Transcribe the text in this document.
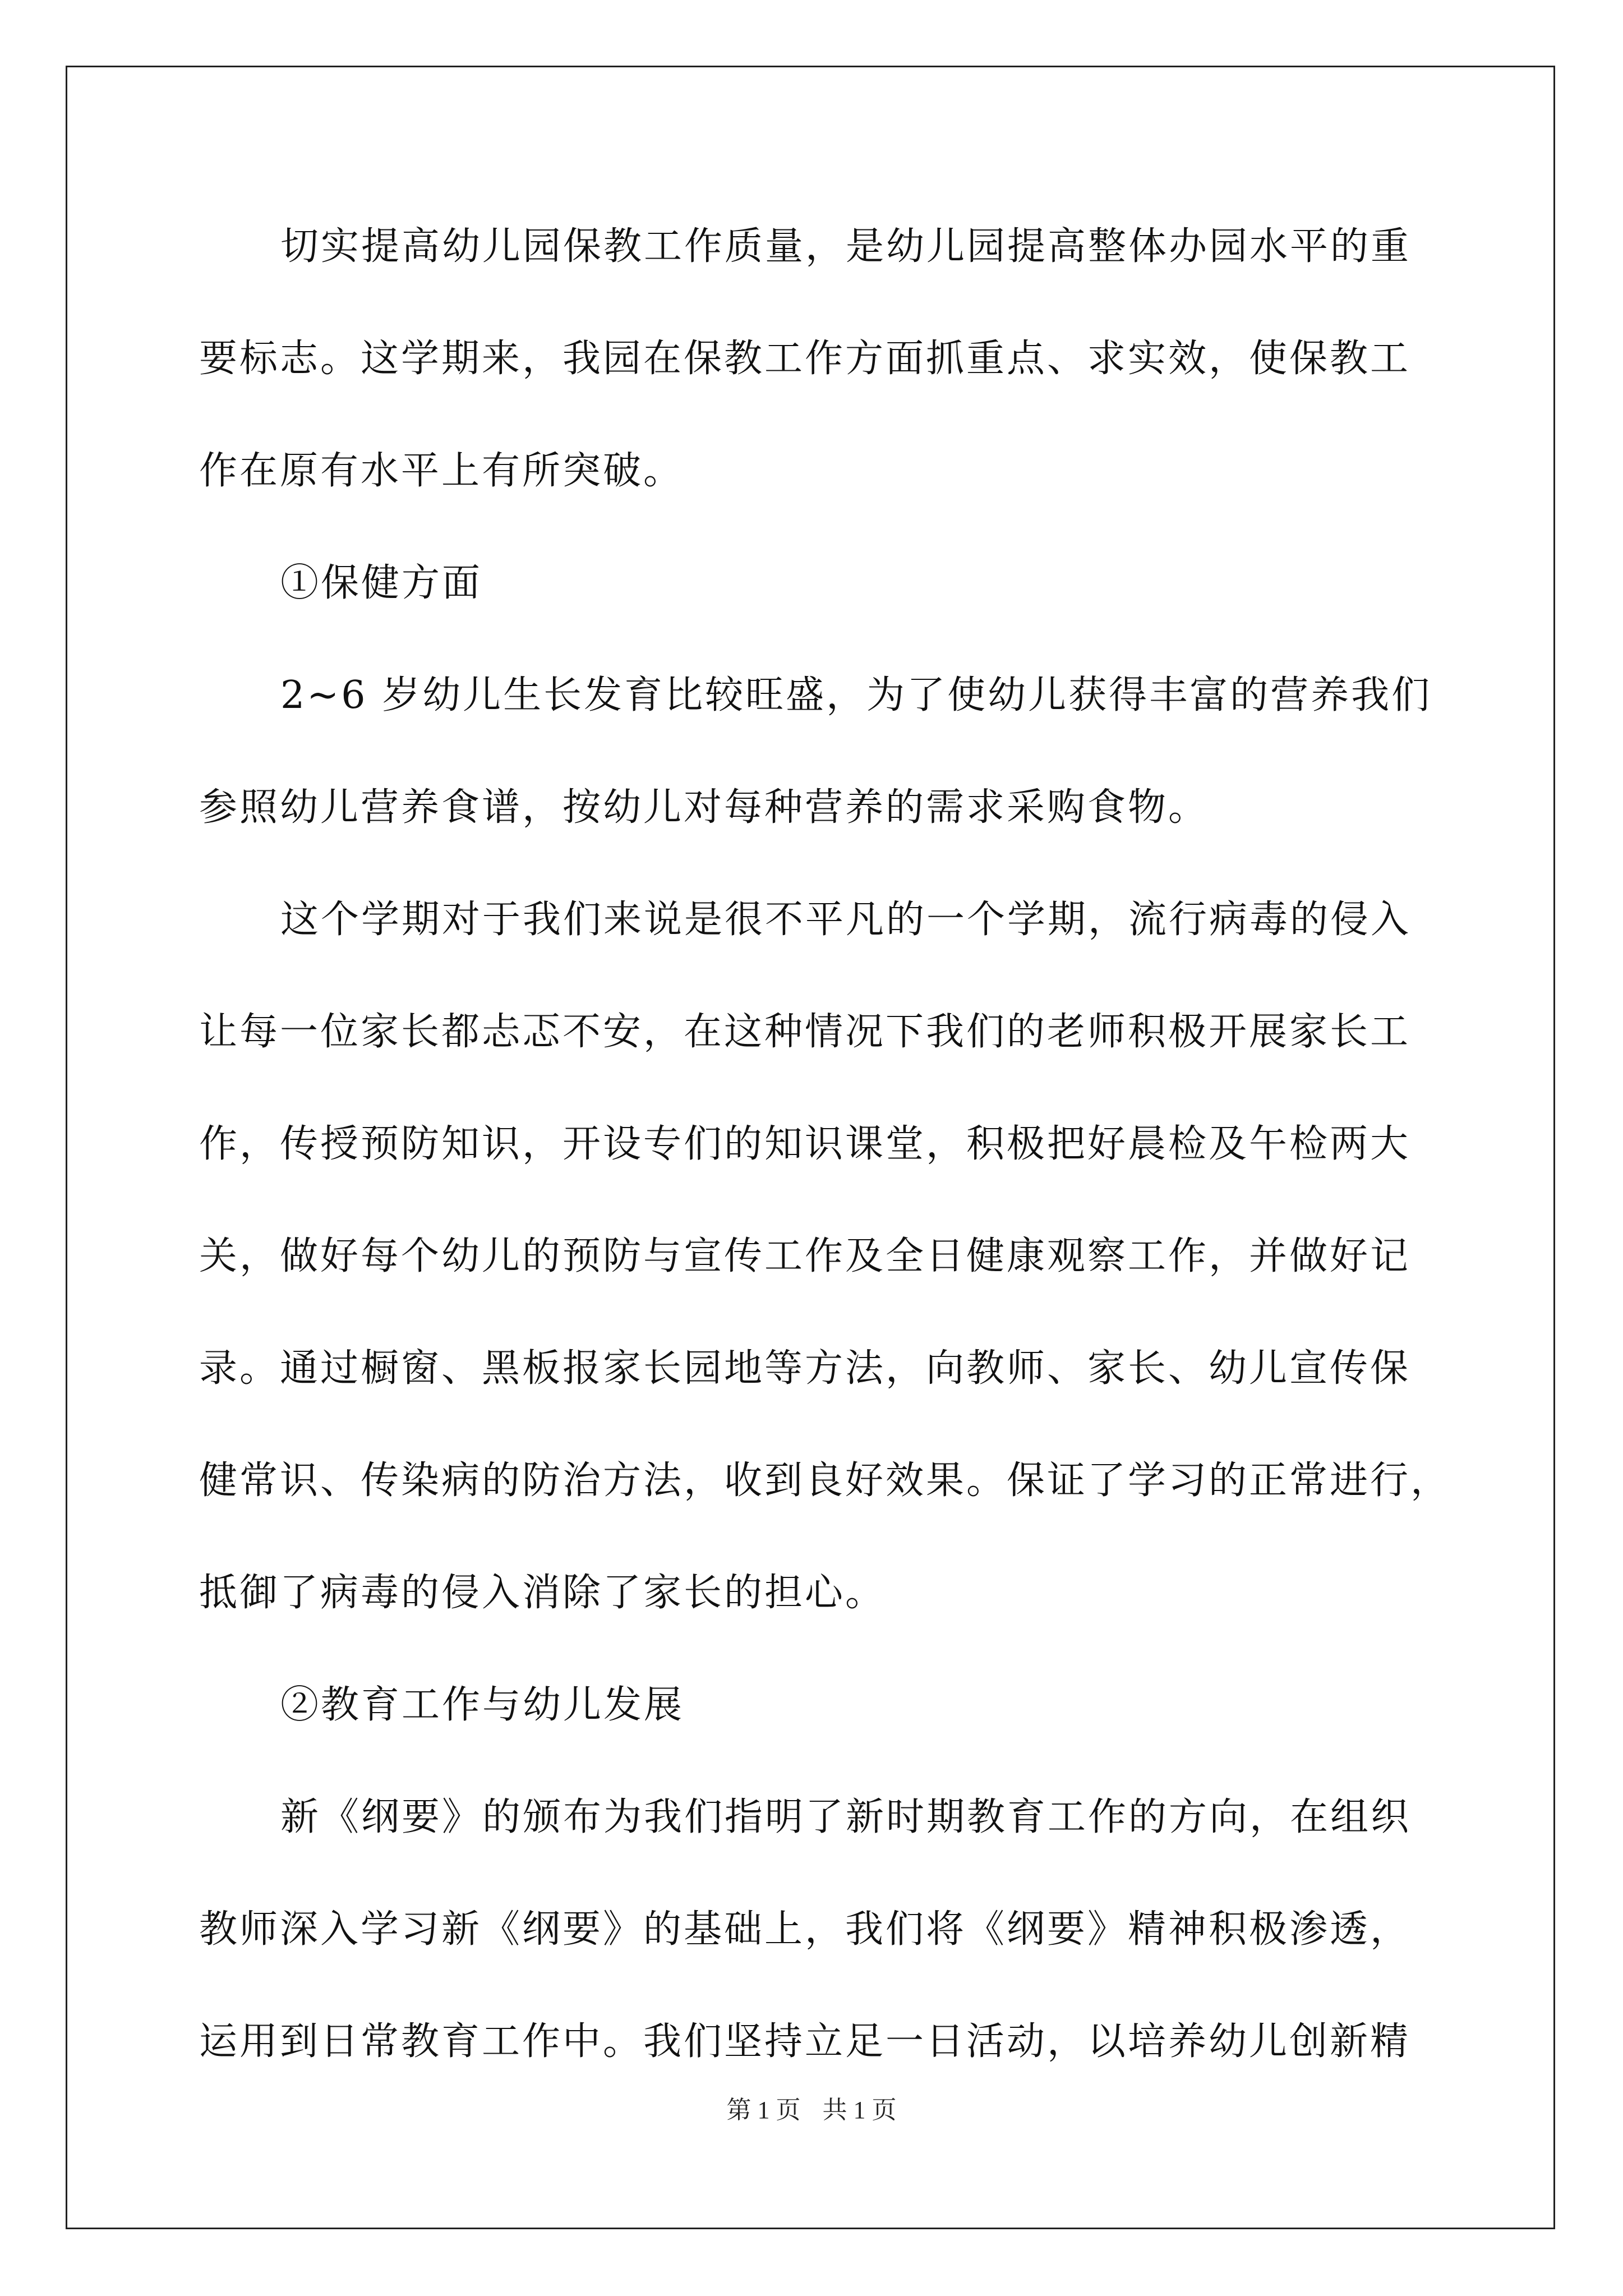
切实提高幼儿园保教工作质量，是幼儿园提高整体办园水平的重
要标志。这学期来，我园在保教工作方面抓重点、求实效，使保教工
作在原有水平上有所突破。
①保健方面
2~6 岁幼儿生长发育比较旺盛，为了使幼儿获得丰富的营养我们
参照幼儿营养食谱，按幼儿对每种营养的需求采购食物。
这个学期对于我们来说是很不平凡的一个学期，流行病毒的侵入
让每一位家长都忐忑不安，在这种情况下我们的老师积极开展家长工
作，传授预防知识，开设专们的知识课堂，积极把好晨检及午检两大
关，做好每个幼儿的预防与宣传工作及全日健康观察工作，并做好记
录。通过橱窗、黑板报家长园地等方法，向教师、家长、幼儿宣传保
健常识、传染病的防治方法，收到良好效果。保证了学习的正常进行，
抵御了病毒的侵入消除了家长的担心。
②教育工作与幼儿发展
新《纲要》的颁布为我们指明了新时期教育工作的方向，在组织
教师深入学习新《纲要》的基础上，我们将《纲要》精神积极渗透，
运用到日常教育工作中。我们坚持立足一日活动，以培养幼儿创新精
第 1 页 共 1 页
